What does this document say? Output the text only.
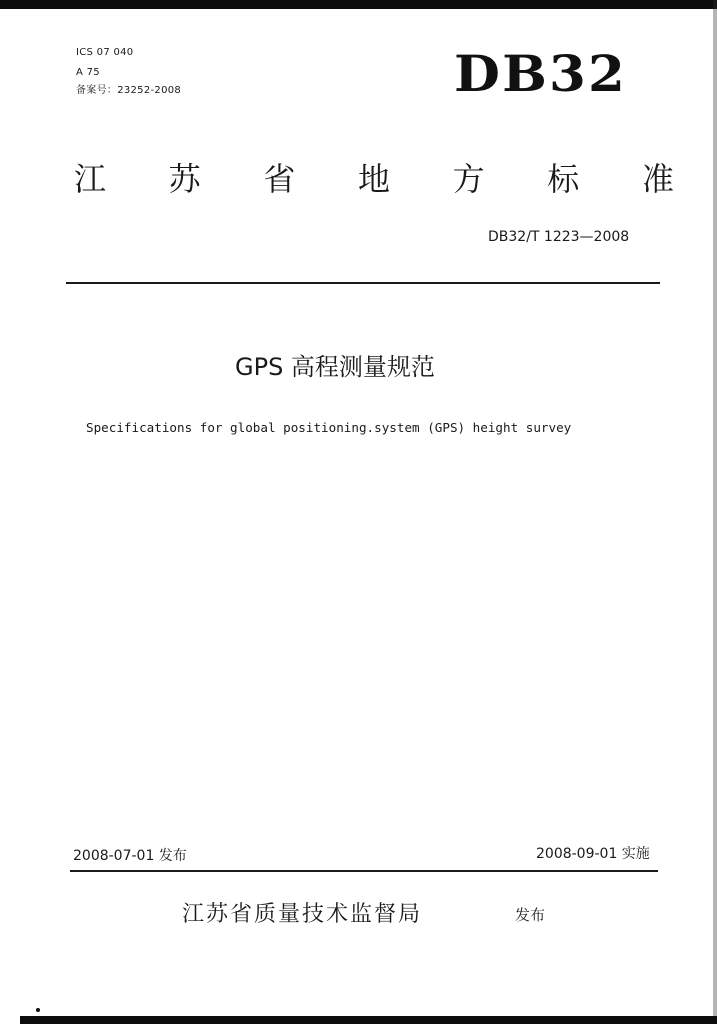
ICS 07 040
A 75
备案号：23252-2008	DB32
江 苏 省 地 方 标 准
DB32/T 1223—2008
GPS 高程测量规范
Specifications for global positioning.system (GPS) height survey
2008-07-01 发布	2008-09-01 实施
江苏省质量技术监督局	发布
